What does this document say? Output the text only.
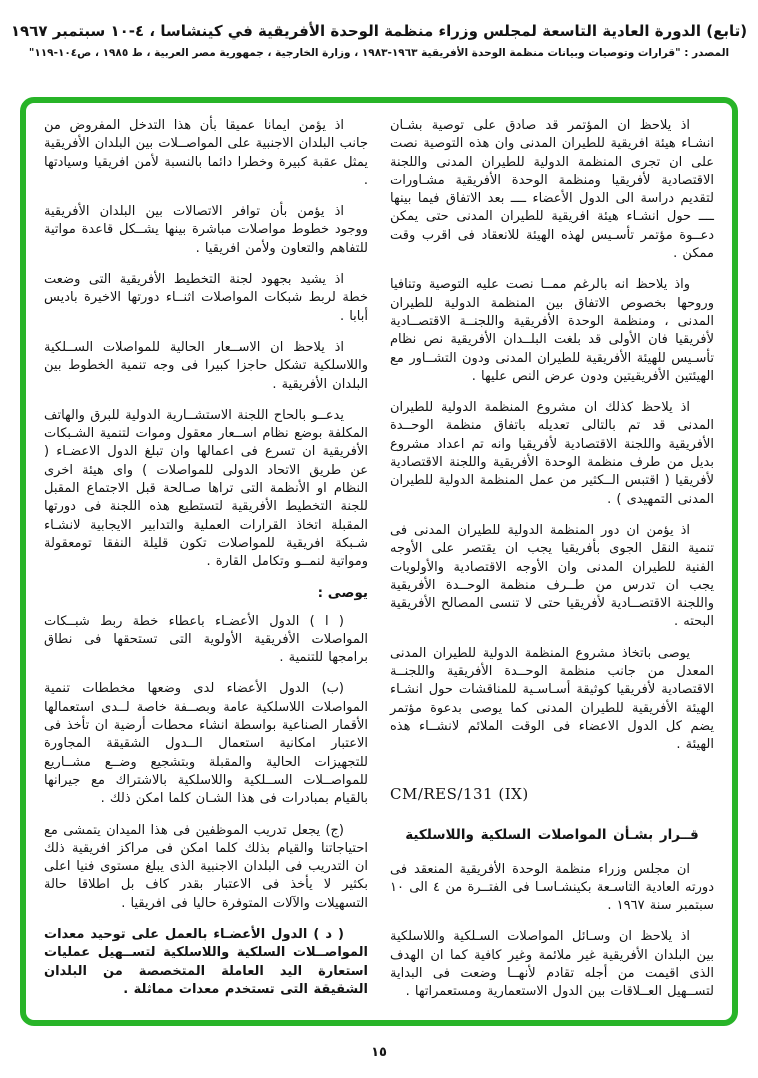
(تابع) الدورة العادية التاسعة لمجلس وزراء منظمة الوحدة الأفريقية في كينشاسا ، ٤-١٠ سبتمبر ١٩٦٧
المصدر : "قرارات وتوصيات وبيانات منظمة الوحدة الأفريقية ١٩٦٣-١٩٨٣ ، وزارة الخارجية ، جمهورية مصر العربية ، ط ١٩٨٥ ، ص١٠٤-١١٩"

اذ يلاحظ ان المؤتمر قد صادق على توصية بشـان انشـاء هيئة افريقية للطيران المدنى وان هذه التوصية نصت على ان تجرى المنظمة الدولية للطيران المدنى واللجنة الاقتصادية لأفريقيا ومنظمة الوحدة الأفريقية مشـاورات لتقديم دراسة الى الدول الأعضاء ــــ بعد الاتفاق فيما بينها ــــ حول انشـاء هيئة افريقية للطيران المدنى حتى يمكن دعــوة مؤتمر تأسـيس لهذه الهيئة للانعقاد فى اقرب وقت ممكن .

واذ يلاحظ انه بالرغم ممــا نصت عليه التوصية وتنافيا وروحها بخصوص الاتفاق بين المنظمة الدولية للطيران المدنى ، ومنظمة الوحدة الأفريقية واللجنــة الاقتصــادية لأفريقيا فان الأولى قد بلغت البلــدان الأفريقية نص نظام تأسـيس للهيئة الأفريقية للطيران المدنى ودون التشــاور مع الهيئتين الأفريقيتين ودون عرض النص عليها .

اذ يلاحظ كذلك ان مشروع المنظمة الدولية للطيران المدنى قد تم بالتالى تعديله باتفاق منظمة الوحــدة الأفريقية واللجنة الاقتصادية لأفريقيا وانه تم اعداد مشروع بديل من طرف منظمة الوحدة الأفريقية واللجنة الاقتصادية لأفريقيا ( اقتبس الــكثير من عمل المنظمة الدولية للطيران المدنى التمهيدى ) .

اذ يؤمن ان دور المنظمة الدولية للطيران المدنى فى تنمية النقل الجوى بأفريقيا يجب ان يقتصر على الأوجه الفنية للطيران المدنى وان الأوجه الاقتصادية والأولويات يجب ان تدرس من طــرف منظمة الوحــدة الأفريقية واللجنة الاقتصــادية لأفريقيا حتى لا تنسى المصالح الأفريقية البحته .

يوصى باتخاذ مشروع المنظمة الدولية للطيران المدنى المعدل من جانب منظمة الوحــدة الأفريقية واللجنــة الاقتصادية لأفريقيا كوثيقة أسـاسـية للمناقشات حول انشـاء الهيئة الأفريقية للطيران المدنى كما يوصى بدعوة مؤتمر يضم كل الدول الاعضاء فى الوقت الملائم لانشــاء هذه الهيئة .

CM/RES/131 (IX)
قــرار بشـأن المواصلات السلكية واللاسلكية

ان مجلس وزراء منظمة الوحدة الأفريقية المنعقد فى دورته العادية التاسـعة بكينشـاسـا فى الفتــرة من ٤ الى ١٠ سبتمبر سنة ١٩٦٧ .

اذ يلاحظ ان وسـائل المواصلات السـلكية واللاسلكية بين البلدان الأفريقية غير ملائمة وغير كافية كما ان الهدف الذى اقيمت من أجله تقادم لأنهــا وضعت فى البداية لتســهيل العــلاقات بين الدول الاستعمارية ومستعمراتها .

اذ يؤمن ايمانا عميقا بأن هذا التدخل المفروض من جانب البلدان الاجنبية على المواصــلات بين البلدان الأفريقية يمثل عقبة كبيرة وخطرا دائما بالنسبة لأمن افريقيا وسيادتها .

اذ يؤمن بأن توافر الاتصالات بين البلدان الأفريقية ووجود خطوط مواصلات مباشرة بينها يشــكل قاعدة مواتية للتفاهم والتعاون ولأمن افريقيا .

اذ يشيد بجهود لجنة التخطيط الأفريقية التى وضعت خطة لربط شبكات المواصلات اثنــاء دورتها الاخيرة باديس أبابا .

اذ يلاحظ ان الاســعار الحالية للمواصلات الســلكية واللاسلكية تشكل حاجزا كبيرا فى وجه تنمية الخطوط بين البلدان الأفريقية .

يدعــو بالحاح اللجنة الاستشــارية الدولية للبرق والهاتف المكلفة بوضع نظام اســعار معقول وموات لتنمية الشـبكات الأفريقية ان تسرع فى اعمالها وان تبلغ الدول الاعضـاء ( عن طريق الاتحاد الدولى للمواصلات ) واى هيئة اخرى النظام او الأنظمة التى تراها صـالحة قبل الاجتماع المقبل للجنة التخطيط الأفريقية لتستطيع هذه اللجنة فى دورتها المقبلة اتخاذ القرارات العملية والتدابير الايجابية لانشـاء شـبكة افريقية للمواصلات تكون قليلة النفقا تومعقولة ومواتية لنمــو وتكامل القارة .

يوصى :

( ا ) الدول الأعضـاء باعطاء خطة ربط شبــكات المواصلات الأفريقية الأولوية التى تستحقها فى نطاق برامجها للتنمية .

(ب) الدول الأعضاء لدى وضعها مخططات تنمية المواصلات اللاسلكية عامة وبصــفة خاصة لــدى استعمالها الأقمار الصناعية بواسطة انشاء محطات أرضية ان تأخذ فى الاعتبار امكانية استعمال الــدول الشقيقة المجاورة للتجهيزات الحالية والمقبلة وبتشجيع وضــع مشــاريع للمواصــلات الســلكية واللاسلكية بالاشتراك مع جيرانها بالقيام بمبادرات فى هذا الشـان كلما امكن ذلك .

(ج) يجعل تدريب الموظفين فى هذا الميدان يتمشى مع احتياجاتنا والقيام بذلك كلما امكن فى مراكز افريقية ذلك ان التدريب فى البلدان الاجنبية الذى يبلغ مستوى فنيا اعلى بكثير لا يأخذ فى الاعتبار بقدر كاف بل اطلاقا حالة التسهيلات والآلات المتوفرة حاليا فى افريقيا .

( د ) الدول الأعضـاء بالعمل على توحيد معدات المواصــلات السلكية واللاسلكية لتســهيل عمليات استعارة اليد العاملة المتخصصة من البلدان الشقيقة التى تستخدم معدات مماثلة .

١٥
